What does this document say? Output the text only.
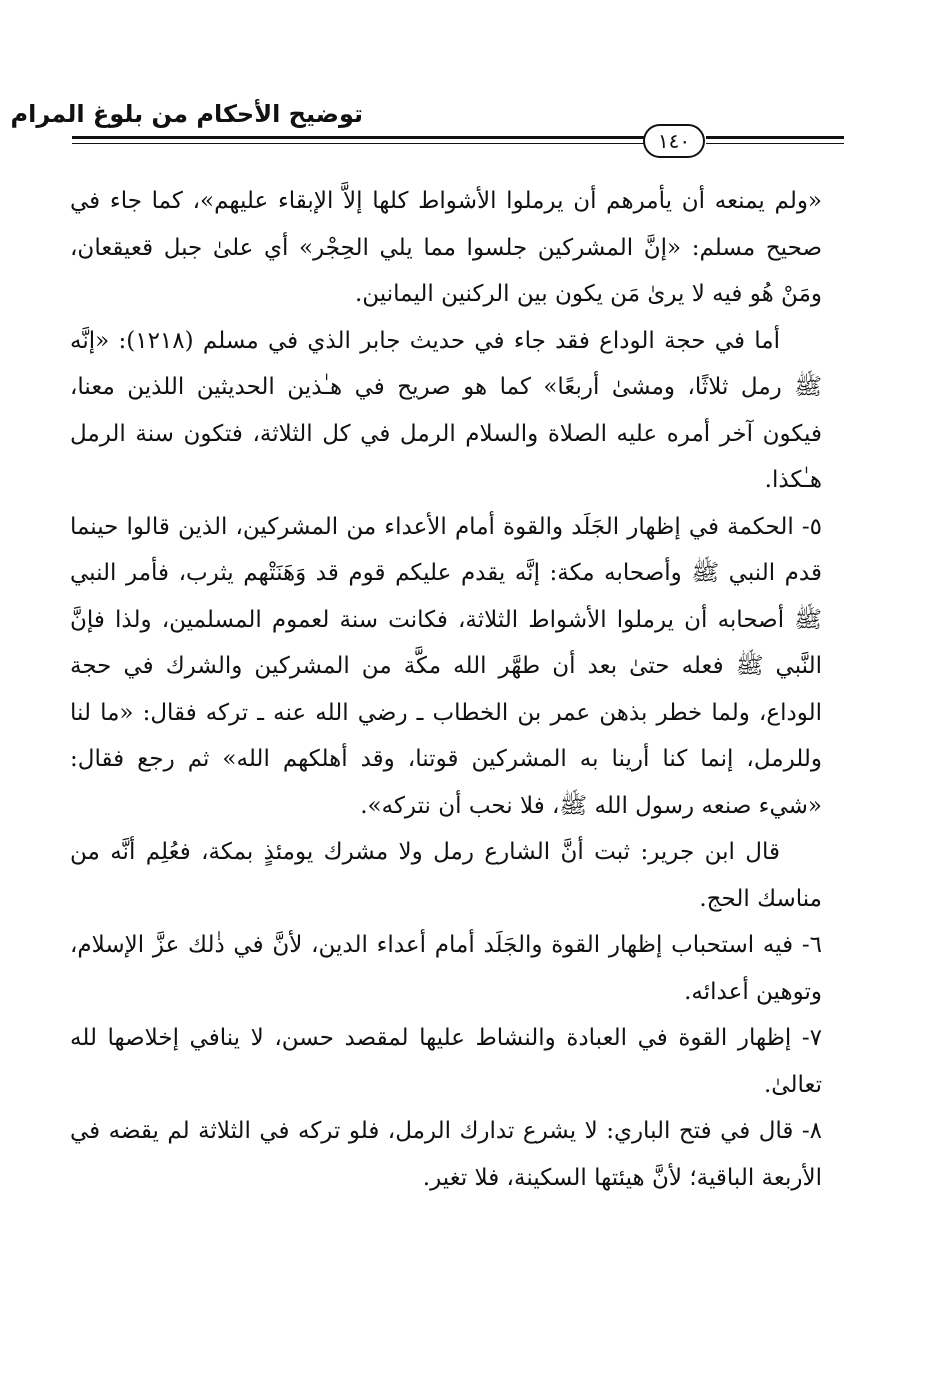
توضيح الأحكام من بلوغ المرام
١٤٠

«ولم يمنعه أن يأمرهم أن يرملوا الأشواط كلها إلاَّ الإبقاء عليهم»، كما جاء في صحيح مسلم: «إنَّ المشركين جلسوا مما يلي الحِجْر» أي علىٰ جبل قعيقعان، ومَنْ هُو فيه لا يرىٰ مَن يكون بين الركنين اليمانين.

أما في حجة الوداع فقد جاء في حديث جابر الذي في مسلم (١٢١٨): «إنَّه ﷺ رمل ثلاثًا، ومشىٰ أربعًا» كما هو صريح في هـٰذين الحديثين اللذين معنا، فيكون آخر أمره عليه الصلاة والسلام الرمل في كل الثلاثة، فتكون سنة الرمل هـٰكذا.

٥- الحكمة في إظهار الجَلَد والقوة أمام الأعداء من المشركين، الذين قالوا حينما قدم النبي ﷺ وأصحابه مكة: إنَّه يقدم عليكم قوم قد وَهَنَتْهم يثرب، فأمر النبي ﷺ أصحابه أن يرملوا الأشواط الثلاثة، فكانت سنة لعموم المسلمين، ولذا فإنَّ النَّبي ﷺ فعله حتىٰ بعد أن طهَّر الله مكَّة من المشركين والشرك في حجة الوداع، ولما خطر بذهن عمر بن الخطاب ـ رضي الله عنه ـ تركه فقال: «ما لنا وللرمل، إنما كنا أرينا به المشركين قوتنا، وقد أهلكهم الله» ثم رجع فقال: «شيء صنعه رسول الله ﷺ، فلا نحب أن نتركه».

قال ابن جرير: ثبت أنَّ الشارع رمل ولا مشرك يومئذٍ بمكة، فعُلِم أنَّه من مناسك الحج.

٦- فيه استحباب إظهار القوة والجَلَد أمام أعداء الدين، لأنَّ في ذٰلك عزَّ الإسلام، وتوهين أعدائه.

٧- إظهار القوة في العبادة والنشاط عليها لمقصد حسن، لا ينافي إخلاصها لله تعالىٰ.

٨- قال في فتح الباري: لا يشرع تدارك الرمل، فلو تركه في الثلاثة لم يقضه في الأربعة الباقية؛ لأنَّ هيئتها السكينة، فلا تغير.
